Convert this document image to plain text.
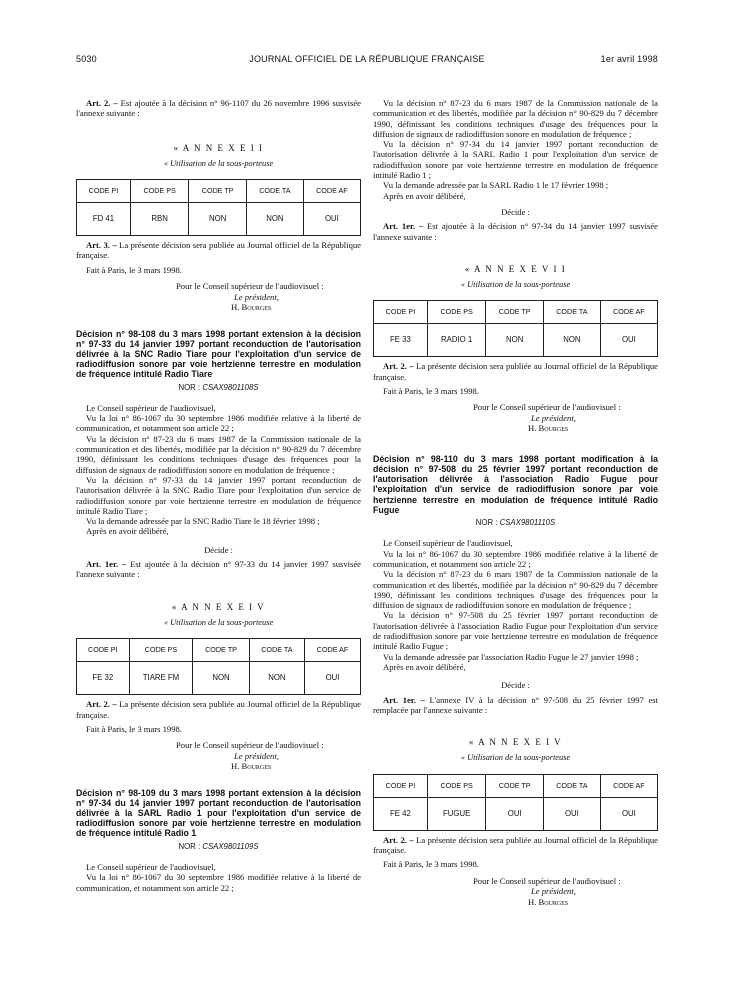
5030	JOURNAL OFFICIEL DE LA RÉPUBLIQUE FRANÇAISE	1er avril 1998

Art. 2. – Est ajoutée à la décision n° 96-1107 du 26 novembre 1996 susvisée l'annexe suivante :

« A N N E X E I I
« Utilisation de la sous-porteuse
CODE PI	CODE PS	CODE TP	CODE TA	CODE AF
FD 41	RBN	NON	NON	OUI

Art. 3. – La présente décision sera publiée au Journal officiel de la République française.

Fait à Paris, le 3 mars 1998.

Pour le Conseil supérieur de l'audiovisuel :
Le président,
H. Bourges
Décision n° 98-108 du 3 mars 1998 portant extension à la décision n° 97-33 du 14 janvier 1997 portant reconduction de l'autorisation délivrée à la SNC Radio Tiare pour l'exploitation d'un service de radiodiffusion sonore par voie hertzienne terrestre en modulation de fréquence intitulé Radio Tiare
NOR : CSAX9801108S

Le Conseil supérieur de l'audiovisuel,

Vu la loi n° 86-1067 du 30 septembre 1986 modifiée relative à la liberté de communication, et notamment son article 22 ;

Vu la décision n° 87-23 du 6 mars 1987 de la Commission nationale de la communication et des libertés, modifiée par la décision n° 90-829 du 7 décembre 1990, définissant les conditions techniques d'usage des fréquences pour la diffusion de signaux de radiodiffusion sonore en modulation de fréquence ;

Vu la décision n° 97-33 du 14 janvier 1997 portant reconduction de l'autorisation délivrée à la SNC Radio Tiare pour l'exploitation d'un service de radiodiffusion sonore par voie hertzienne terrestre en modulation de fréquence intitulé Radio Tiare ;

Vu la demande adressée par la SNC Radio Tiare le 18 février 1998 ;

Après en avoir délibéré,

Décide :

Art. 1er. – Est ajoutée à la décision n° 97-33 du 14 janvier 1997 susvisée l'annexe suivante :

« A N N E X E I V
« Utilisation de la sous-porteuse
CODE PI	CODE PS	CODE TP	CODE TA	CODE AF
FE 32	TIARE FM	NON	NON	OUI

Art. 2. – La présente décision sera publiée au Journal officiel de la République française.

Fait à Paris, le 3 mars 1998.

Pour le Conseil supérieur de l'audiovisuel :
Le président,
H. Bourges
Décision n° 98-109 du 3 mars 1998 portant extension à la décision n° 97-34 du 14 janvier 1997 portant reconduction de l'autorisation délivrée à la SARL Radio 1 pour l'exploitation d'un service de radiodiffusion sonore par voie hertzienne terrestre en modulation de fréquence intitulé Radio 1
NOR : CSAX9801109S

Le Conseil supérieur de l'audiovisuel,

Vu la loi n° 86-1067 du 30 septembre 1986 modifiée relative à la liberté de communication, et notamment son article 22 ;

Vu la décision n° 87-23 du 6 mars 1987 de la Commission nationale de la communication et des libertés, modifiée par la décision n° 90-829 du 7 décembre 1990, définissant les conditions techniques d'usage des fréquences pour la diffusion de signaux de radiodiffusion sonore en modulation de fréquence ;

Vu la décision n° 97-34 du 14 janvier 1997 portant reconduction de l'autorisation délivrée à la SARL Radio 1 pour l'exploitation d'un service de radiodiffusion sonore par voie hertzienne terrestre en modulation de fréquence intitulé Radio 1 ;

Vu la demande adressée par la SARL Radio 1 le 17 février 1998 ;

Après en avoir délibéré,

Décide :

Art. 1er. – Est ajoutée à la décision n° 97-34 du 14 janvier 1997 susvisée l'annexe suivante :

« A N N E X E V I I
« Utilisation de la sous-porteuse
CODE PI	CODE PS	CODE TP	CODE TA	CODE AF
FE 33	RADIO 1	NON	NON	OUI

Art. 2. – La présente décision sera publiée au Journal officiel de la République française.

Fait à Paris, le 3 mars 1998.

Pour le Conseil supérieur de l'audiovisuel :
Le président,
H. Bourges
Décision n° 98-110 du 3 mars 1998 portant modification à la décision n° 97-508 du 25 février 1997 portant reconduction de l'autorisation délivrée à l'association Radio Fugue pour l'exploitation d'un service de radiodiffusion sonore par voie hertzienne terrestre en modulation de fréquence intitulé Radio Fugue
NOR : CSAX9801110S

Le Conseil supérieur de l'audiovisuel,

Vu la loi n° 86-1067 du 30 septembre 1986 modifiée relative à la liberté de communication, et notamment son article 22 ;

Vu la décision n° 87-23 du 6 mars 1987 de la Commission nationale de la communication et des libertés, modifiée par la décision n° 90-829 du 7 décembre 1990, définissant les conditions techniques d'usage des fréquences pour la diffusion de signaux de radiodiffusion sonore en modulation de fréquence ;

Vu la décision n° 97-508 du 25 février 1997 portant reconduction de l'autorisation délivrée à l'association Radio Fugue pour l'exploitation d'un service de radiodiffusion sonore par voie hertzienne terrestre en modulation de fréquence intitulé Radio Fugue ;

Vu la demande adressée par l'association Radio Fugue le 27 janvier 1998 ;

Après en avoir délibéré,

Décide :

Art. 1er. – L'annexe IV à la décision n° 97-508 du 25 février 1997 est remplacée par l'annexe suivante :

« A N N E X E I V
« Utilisation de la sous-porteuse
CODE PI	CODE PS	CODE TP	CODE TA	CODE AF
FE 42	FUGUE	OUI	OUI	OUI

Art. 2. – La présente décision sera publiée au Journal officiel de la République française.

Fait à Paris, le 3 mars 1998.

Pour le Conseil supérieur de l'audiovisuel :
Le président,
H. Bourges
